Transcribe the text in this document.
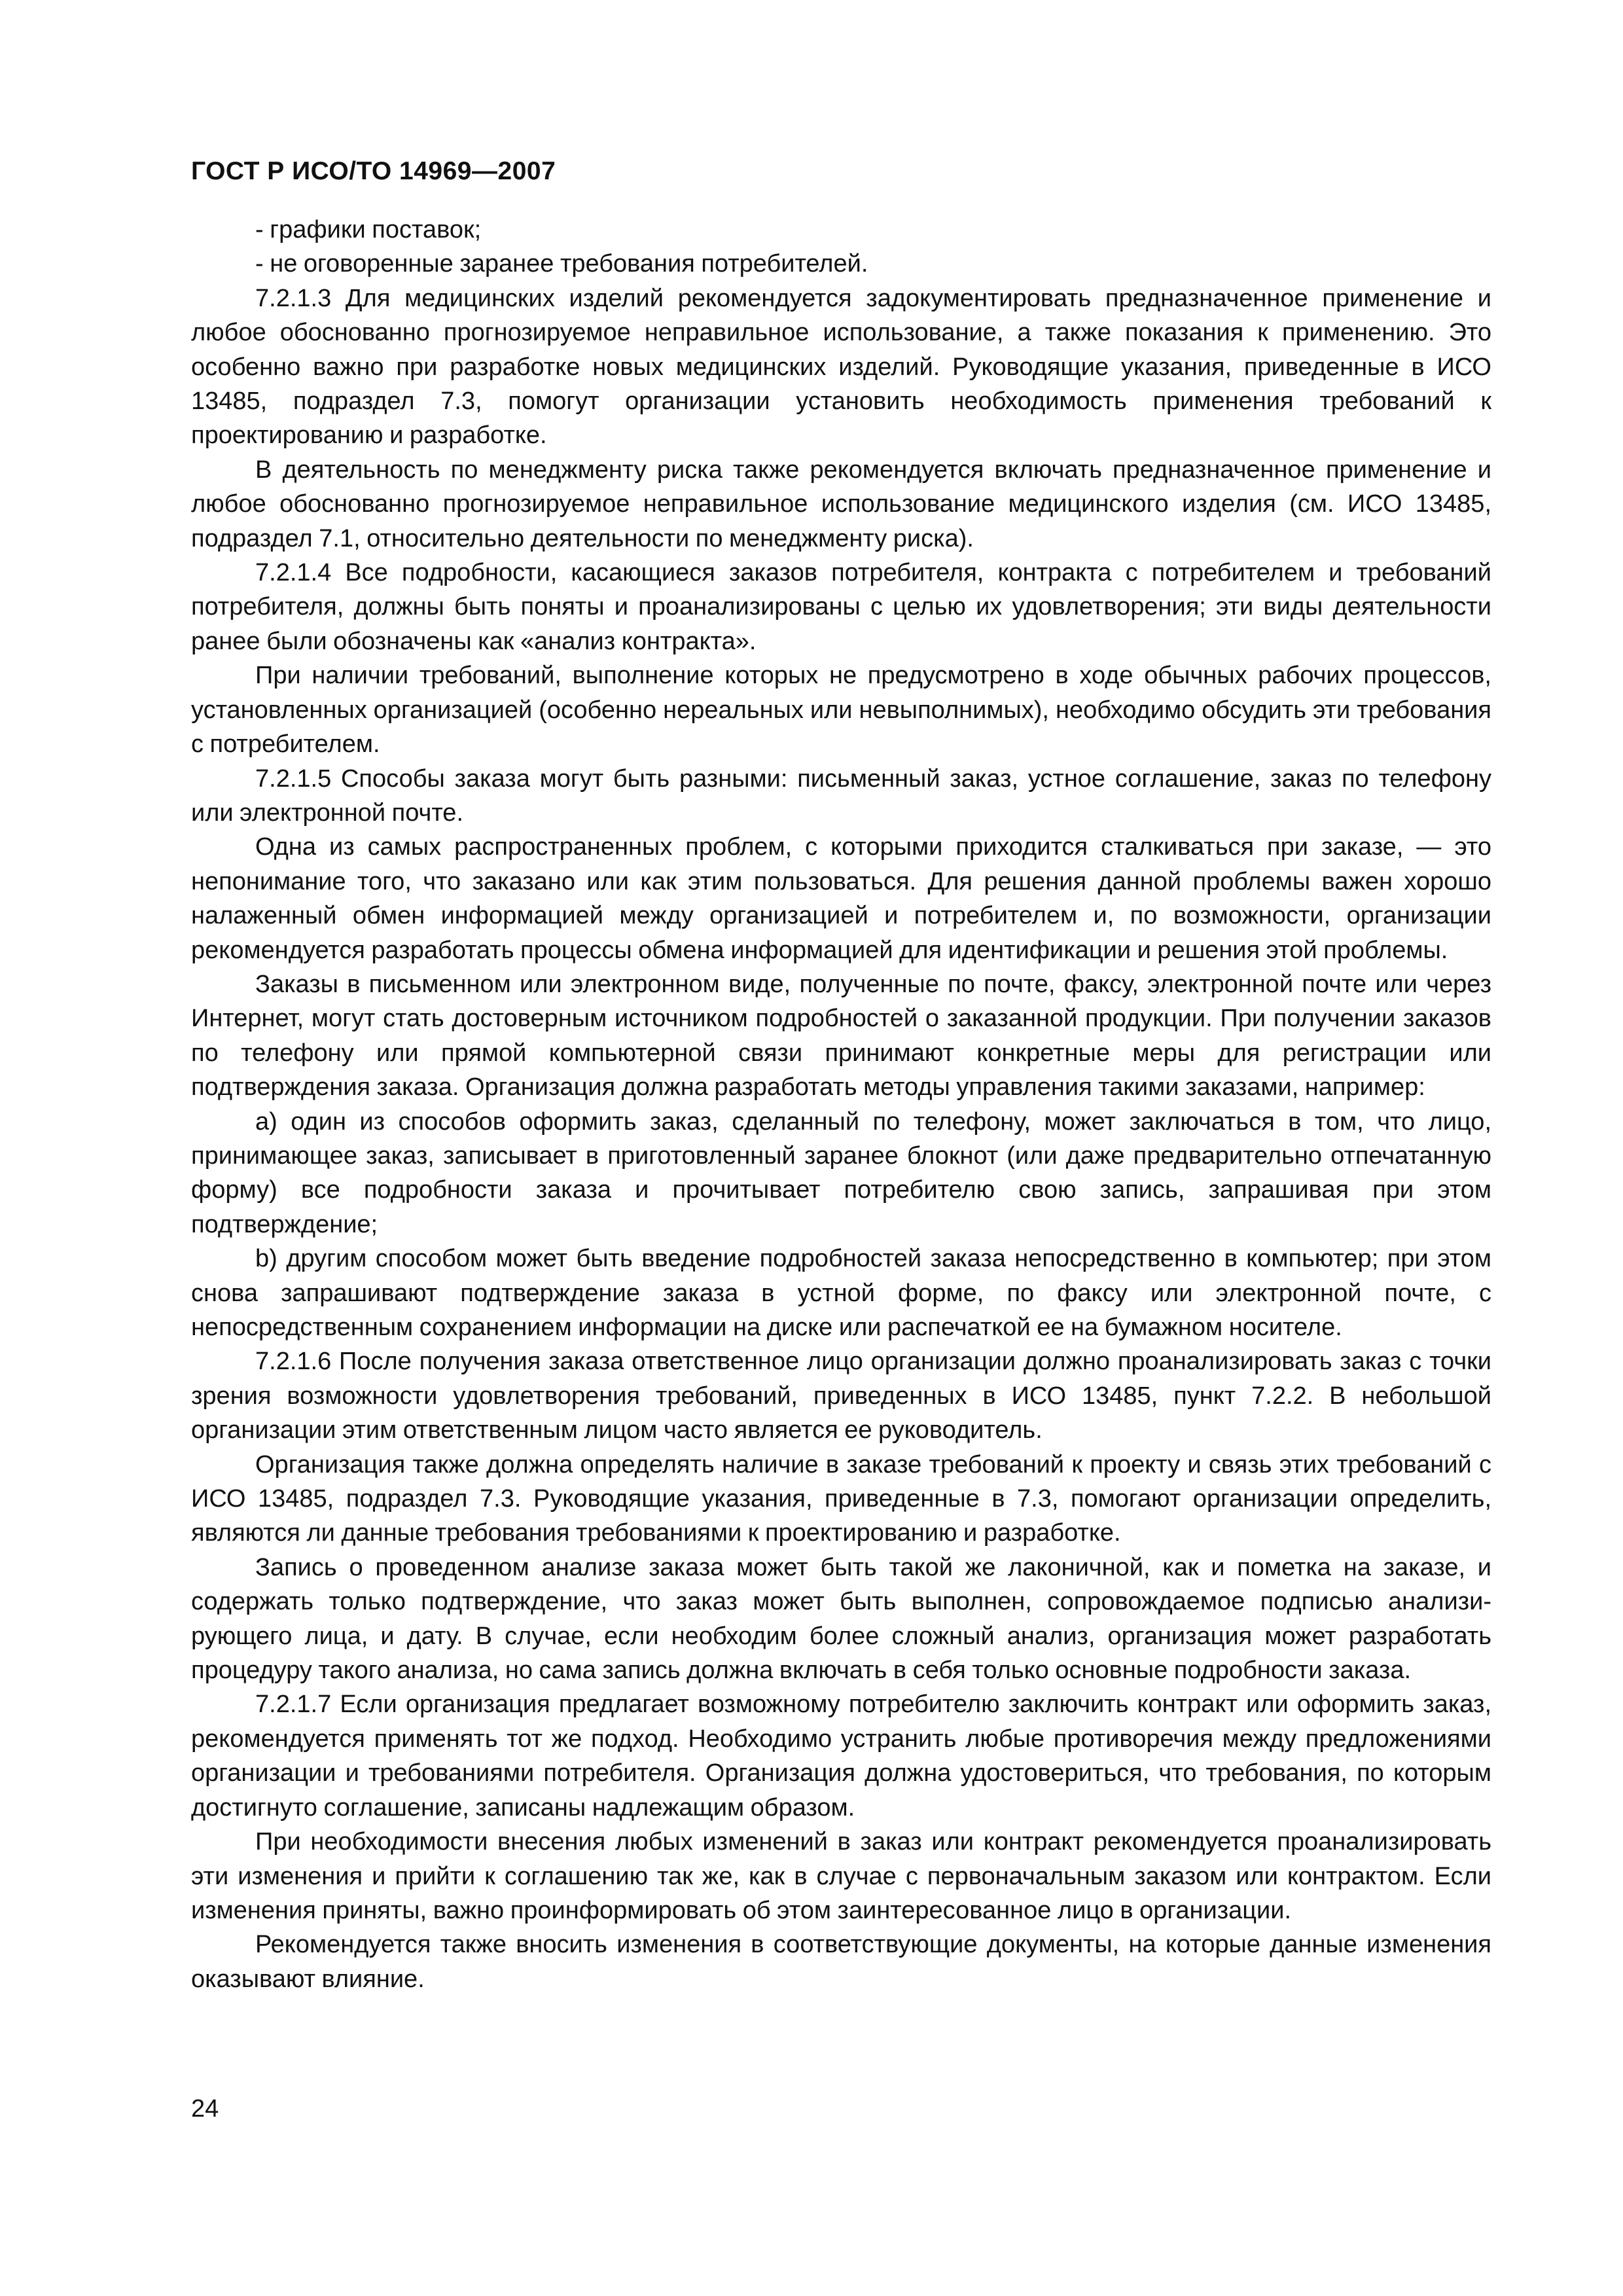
ГОСТ Р ИСО/ТО 14969—2007

- графики поставок;

- не оговоренные заранее требования потребителей.

7.2.1.3 Для медицинских изделий рекомендуется задокументировать предназначенное применение и любое обоснованно прогнозируемое неправильное использование, а также показания к применению. Это особенно важно при разработке новых медицинских изделий. Руководящие указания, приведенные в ИСО 13485, подраздел 7.3, помогут организации установить необходимость применения требований к проектированию и разработке.

В деятельность по менеджменту риска также рекомендуется включать предназначенное применение и любое обоснованно прогнозируемое неправильное использование медицинского изделия (см. ИСО 13485, подраздел 7.1, относительно деятельности по менеджменту риска).

7.2.1.4 Все подробности, касающиеся заказов потребителя, контракта с потребителем и требований потребителя, должны быть поняты и проанализированы с целью их удовлетворения; эти виды деятельности ранее были обозначены как «анализ контракта».

При наличии требований, выполнение которых не предусмотрено в ходе обычных рабочих процессов, установленных организацией (особенно нереальных или невыполнимых), необходимо обсудить эти требования с потребителем.

7.2.1.5 Способы заказа могут быть разными: письменный заказ, устное соглашение, заказ по телефону или электронной почте.

Одна из самых распространенных проблем, с которыми приходится сталкиваться при заказе, — это непонимание того, что заказано или как этим пользоваться. Для решения данной проблемы важен хорошо налаженный обмен информацией между организацией и потребителем и, по возможности, организации рекомендуется разработать процессы обмена информацией для идентификации и решения этой проблемы.

Заказы в письменном или электронном виде, полученные по почте, факсу, электронной почте или через Интернет, могут стать достоверным источником подробностей о заказанной продукции. При получении заказов по телефону или прямой компьютерной связи принимают конкретные меры для регистрации или подтверждения заказа. Организация должна разработать методы управления такими заказами, например:

a) один из способов оформить заказ, сделанный по телефону, может заключаться в том, что лицо, принимающее заказ, записывает в приготовленный заранее блокнот (или даже предварительно отпечатанную форму) все подробности заказа и прочитывает потребителю свою запись, запрашивая при этом подтверждение;

b) другим способом может быть введение подробностей заказа непосредственно в компьютер; при этом снова запрашивают подтверждение заказа в устной форме, по факсу или электронной почте, с непосредственным сохранением информации на диске или распечаткой ее на бумажном носителе.

7.2.1.6 После получения заказа ответственное лицо организации должно проанализировать заказ с точки зрения возможности удовлетворения требований, приведенных в ИСО 13485, пункт 7.2.2. В небольшой организации этим ответственным лицом часто является ее руководитель.

Организация также должна определять наличие в заказе требований к проекту и связь этих требований с ИСО 13485, подраздел 7.3. Руководящие указания, приведенные в 7.3, помогают организации определить, являются ли данные требования требованиями к проектированию и разработке.

Запись о проведенном анализе заказа может быть такой же лаконичной, как и пометка на заказе, и содержать только подтверждение, что заказ может быть выполнен, сопровождаемое подписью анализирующего лица, и дату. В случае, если необходим более сложный анализ, организация может разработать процедуру такого анализа, но сама запись должна включать в себя только основные подробности заказа.

7.2.1.7 Если организация предлагает возможному потребителю заключить контракт или оформить заказ, рекомендуется применять тот же подход. Необходимо устранить любые противоречия между предложениями организации и требованиями потребителя. Организация должна удостовериться, что требования, по которым достигнуто соглашение, записаны надлежащим образом.

При необходимости внесения любых изменений в заказ или контракт рекомендуется проанализировать эти изменения и прийти к соглашению так же, как в случае с первоначальным заказом или контрактом. Если изменения приняты, важно проинформировать об этом заинтересованное лицо в организации.

Рекомендуется также вносить изменения в соответствующие документы, на которые данные изменения оказывают влияние.

24
